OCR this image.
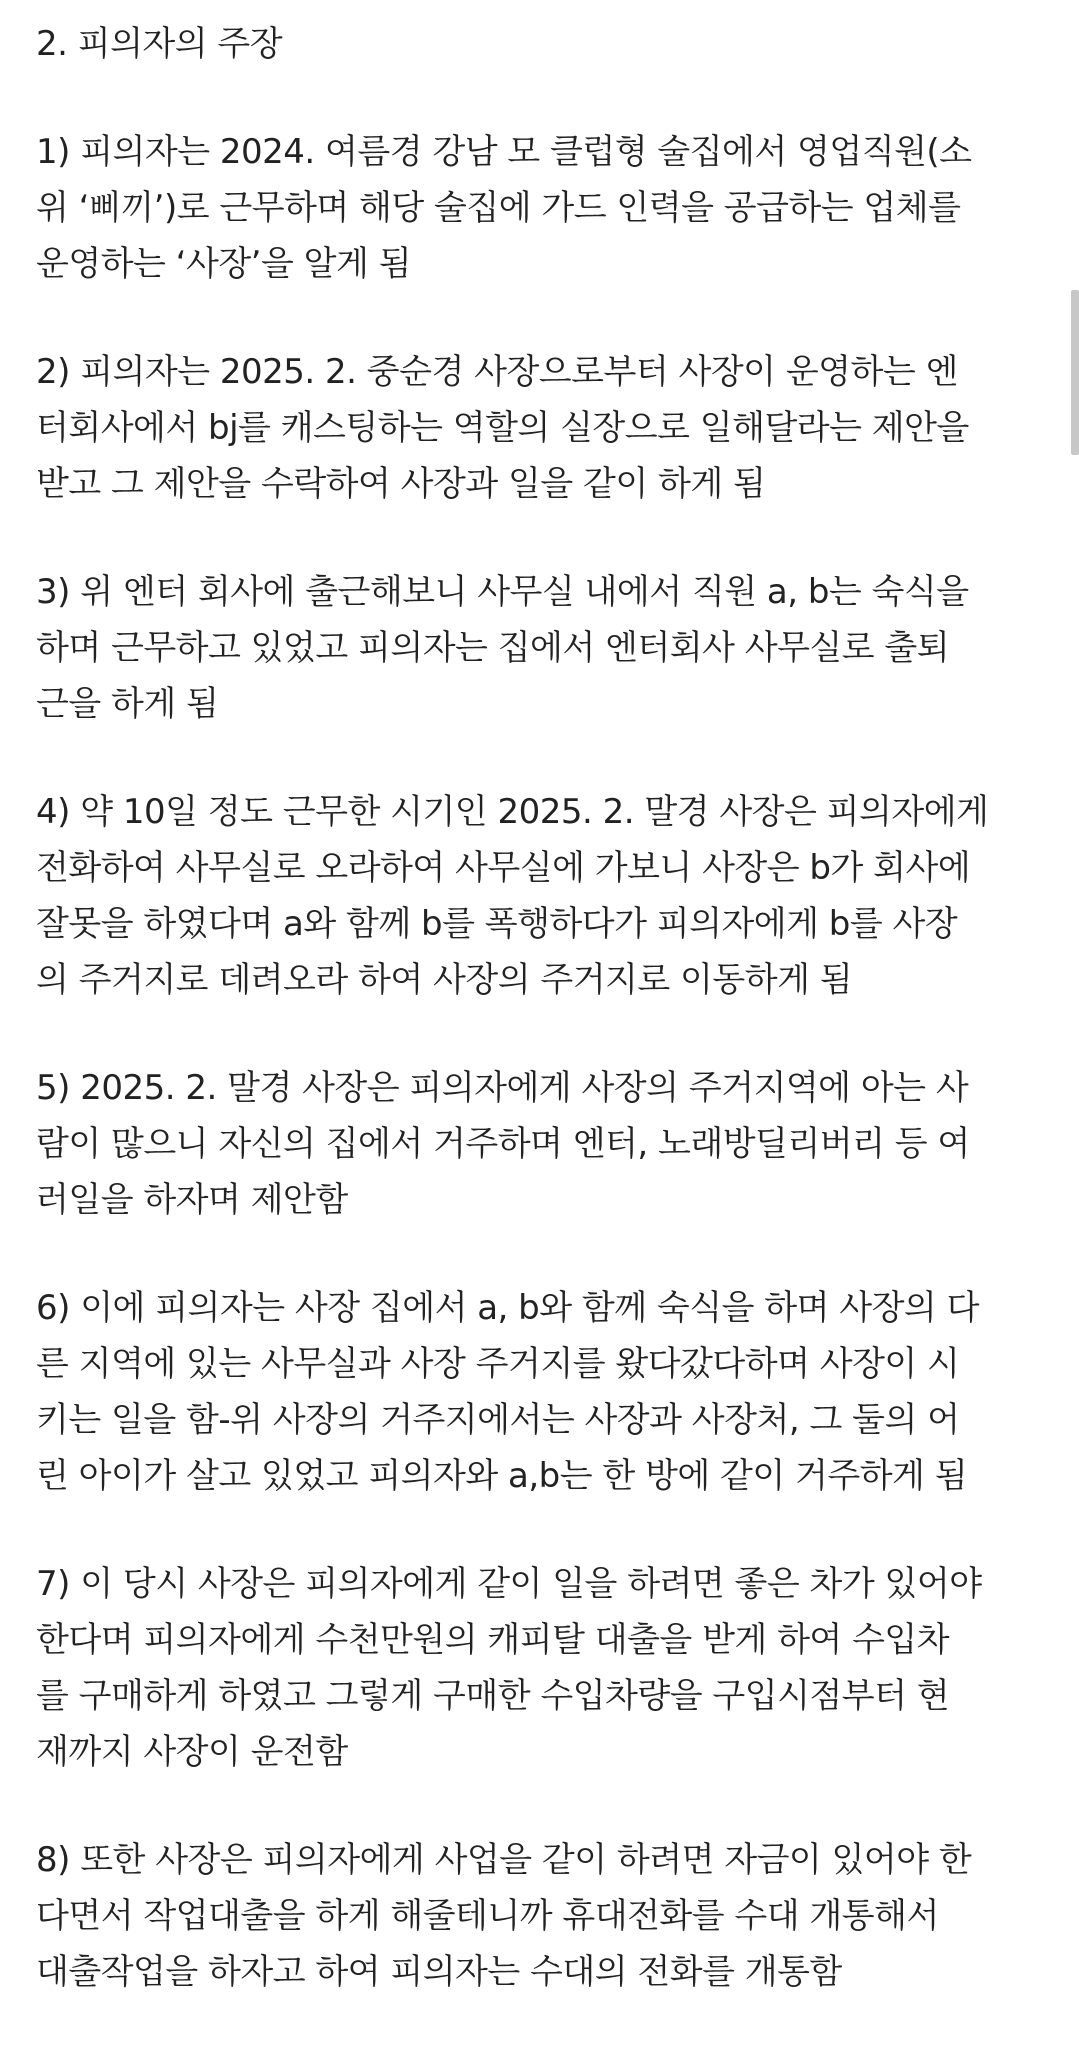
2. 피의자의 주장
1) 피의자는 2024. 여름경 강남 모 클럽형 술집에서 영업직원(소
위 ‘삐끼’)로 근무하며 해당 술집에 가드 인력을 공급하는 업체를
운영하는 ‘사장’을 알게 됨
2) 피의자는 2025. 2. 중순경 사장으로부터 사장이 운영하는 엔
터회사에서 bj를 캐스팅하는 역할의 실장으로 일해달라는 제안을
받고 그 제안을 수락하여 사장과 일을 같이 하게 됨
3) 위 엔터 회사에 출근해보니 사무실 내에서 직원 a, b는 숙식을
하며 근무하고 있었고 피의자는 집에서 엔터회사 사무실로 출퇴
근을 하게 됨
4) 약 10일 정도 근무한 시기인 2025. 2. 말경 사장은 피의자에게
전화하여 사무실로 오라하여 사무실에 가보니 사장은 b가 회사에
잘못을 하였다며 a와 함께 b를 폭행하다가 피의자에게 b를 사장
의 주거지로 데려오라 하여 사장의 주거지로 이동하게 됨
5) 2025. 2. 말경 사장은 피의자에게 사장의 주거지역에 아는 사
람이 많으니 자신의 집에서 거주하며 엔터, 노래방딜리버리 등 여
러일을 하자며 제안함
6) 이에 피의자는 사장 집에서 a, b와 함께 숙식을 하며 사장의 다
른 지역에 있는 사무실과 사장 주거지를 왔다갔다하며 사장이 시
키는 일을 함-위 사장의 거주지에서는 사장과 사장처, 그 둘의 어
린 아이가 살고 있었고 피의자와 a,b는 한 방에 같이 거주하게 됨
7) 이 당시 사장은 피의자에게 같이 일을 하려면 좋은 차가 있어야
한다며 피의자에게 수천만원의 캐피탈 대출을 받게 하여 수입차
를 구매하게 하였고 그렇게 구매한 수입차량을 구입시점부터 현
재까지 사장이 운전함
8) 또한 사장은 피의자에게 사업을 같이 하려면 자금이 있어야 한
다면서 작업대출을 하게 해줄테니까 휴대전화를 수대 개통해서
대출작업을 하자고 하여 피의자는 수대의 전화를 개통함
